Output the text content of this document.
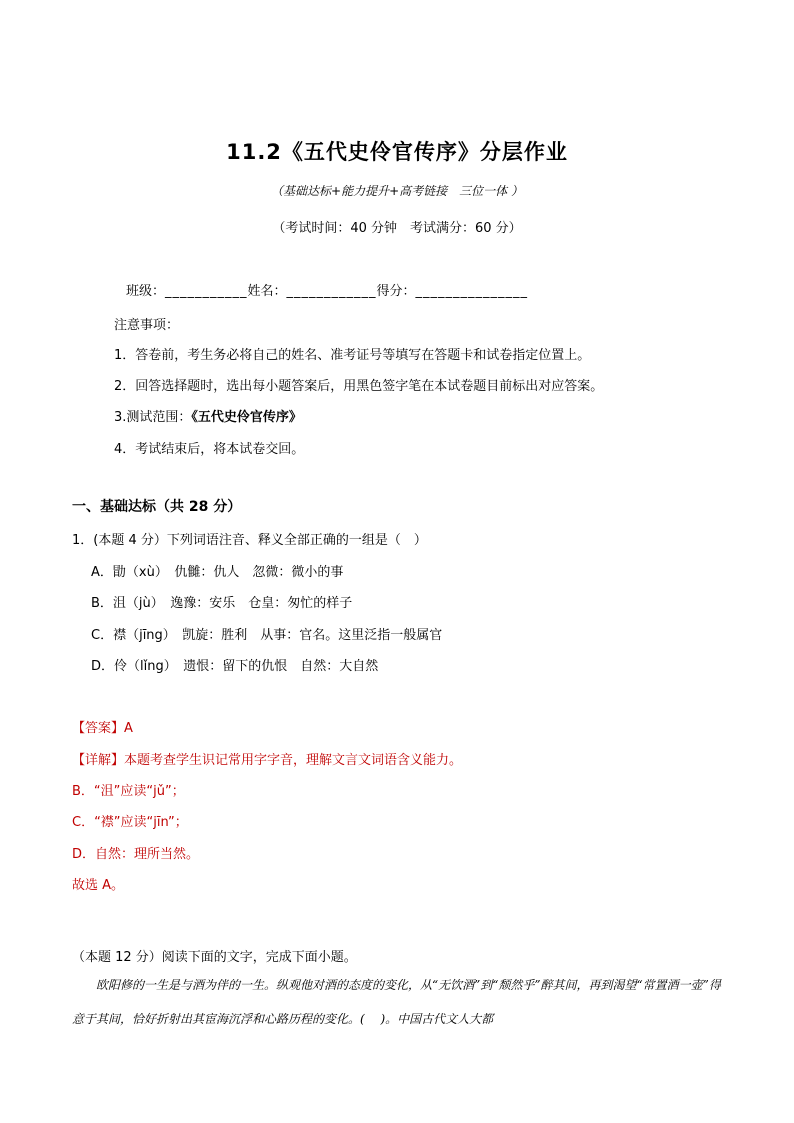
11.2《五代史伶官传序》分层作业
（基础达标+能力提升+高考链接　三位一体 ）
（考试时间：40 分钟　考试满分：60 分）
班级：___________姓名：____________得分：_______________
注意事项：
1．答卷前，考生务必将自己的姓名、准考证号等填写在答题卡和试卷指定位置上。
2．回答选择题时，选出每小题答案后，用黑色签字笔在本试卷题目前标出对应答案。
3.测试范围：《五代史伶官传序》
4．考试结束后，将本试卷交回。
一、基础达标（共 28 分）
1．(本题 4 分）下列词语注音、释义全部正确的一组是（　）
A．勖（xù）　仇雠：仇人　忽微：微小的事
B．沮（jù）　逸豫：安乐　仓皇：匆忙的样子
C．襟（jīng）　凯旋：胜利　从事：官名。这里泛指一般属官
D．伶（lǐng）　遗恨：留下的仇恨　自然：大自然
【答案】A
【详解】本题考查学生识记常用字字音，理解文言文词语含义能力。
B．“沮”应读“jǔ”；
C．“襟”应读“jīn”；
D．自然：理所当然。
故选 A。
（本题 12 分）阅读下面的文字，完成下面小题。
欧阳修的一生是与酒为伴的一生。纵观他对酒的态度的变化，从“无饮酒”到“颓然乎”醉其间，再到渴望“常置酒一壶”得意于其间，恰好折射出其宦海沉浮和心路历程的变化。(　 )。中国古代文人大都
